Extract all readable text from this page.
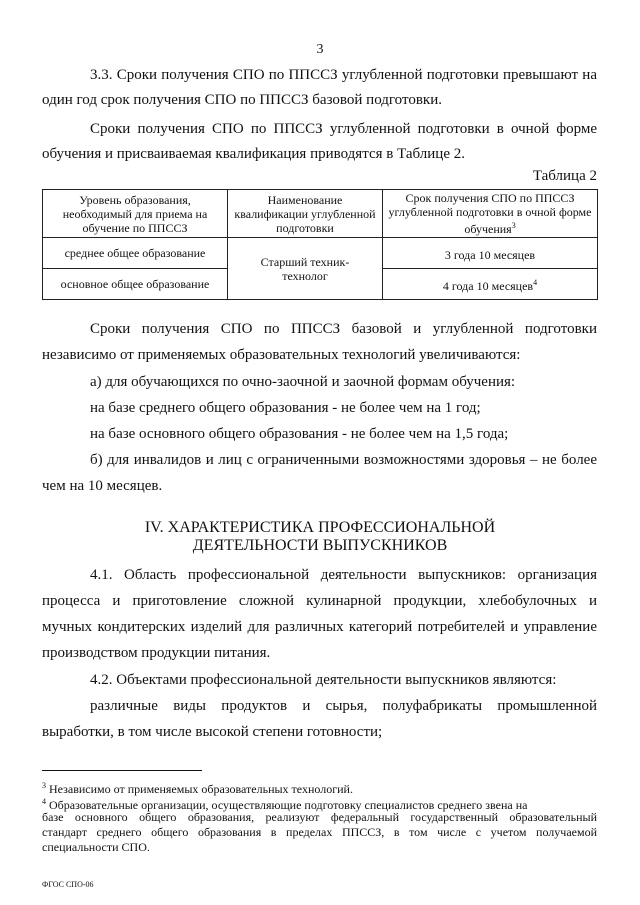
3
3.3. Сроки получения СПО по ППССЗ углубленной подготовки превышают на
один год срок получения СПО по ППССЗ базовой подготовки.
Сроки получения СПО по ППССЗ углубленной подготовки в очной форме
обучения и присваиваемая квалификация приводятся в Таблице 2.
Таблица 2
Уровень образования, необходимый для приема на обучение по ППССЗ	Наименование квалификации углубленной подготовки	Срок получения СПО по ППССЗ углубленной подготовки в очной форме обучения$^3$
среднее общее образование	Старший техник-технолог	3 года 10 месяцев
основное общее образование		4 года 10 месяцев$^4$
Сроки получения СПО по ППССЗ базовой и углубленной подготовки
независимо от применяемых образовательных технологий увеличиваются:
а) для обучающихся по очно-заочной и заочной формам обучения:
на базе среднего общего образования - не более чем на 1 год;
на базе основного общего образования - не более чем на 1,5 года;
б) для инвалидов и лиц с ограниченными возможностями здоровья – не более
чем на 10 месяцев.
IV. ХАРАКТЕРИСТИКА ПРОФЕССИОНАЛЬНОЙ
ДЕЯТЕЛЬНОСТИ ВЫПУСКНИКОВ
4.1. Область профессиональной деятельности выпускников: организация
процесса и приготовление сложной кулинарной продукции, хлебобулочных и
мучных кондитерских изделий для различных категорий потребителей и управление
производством продукции питания.
4.2. Объектами профессиональной деятельности выпускников являются:
различные виды продуктов и сырья, полуфабрикаты промышленной
выработки, в том числе высокой степени готовности;
$^3$ Независимо от применяемых образовательных технологий.
$^4$ Образовательные организации, осуществляющие подготовку специалистов среднего звена на
базе основного общего образования, реализуют федеральный государственный образовательный
стандарт среднего общего образования в пределах ППССЗ, в том числе с учетом получаемой
специальности СПО.
ФГОС СПО-06
